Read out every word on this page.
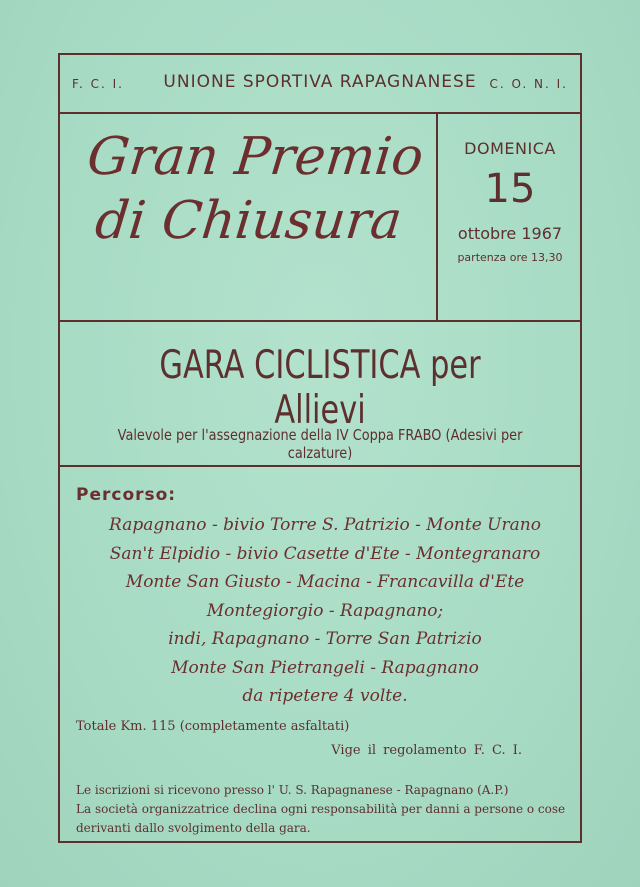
F. C. I.	UNIONE SPORTIVA RAPAGNANESE	C. O. N. I.
Gran Premio
di Chiusura
DOMENICA
15
ottobre 1967
partenza ore 13,30
GARA CICLISTICA per Allievi
Valevole per l'assegnazione della IV Coppa FRABO (Adesivi per calzature)
Percorso:
Rapagnano - bivio Torre S. Patrizio - Monte Urano
San't Elpidio - bivio Casette d'Ete - Montegranaro
Monte San Giusto - Macina - Francavilla d'Ete
Montegiorgio - Rapagnano;
indi, Rapagnano - Torre San Patrizio
Monte San Pietrangeli - Rapagnano
da ripetere 4 volte.
Totale Km. 115 (completamente asfaltati)
Vige il regolamento F. C. I.

Le iscrizioni si ricevono presso l' U. S. Rapagnanese - Rapagnano (A.P.)

La società organizzatrice declina ogni responsabilità per danni a persone o cose derivanti dallo svolgimento della gara.
